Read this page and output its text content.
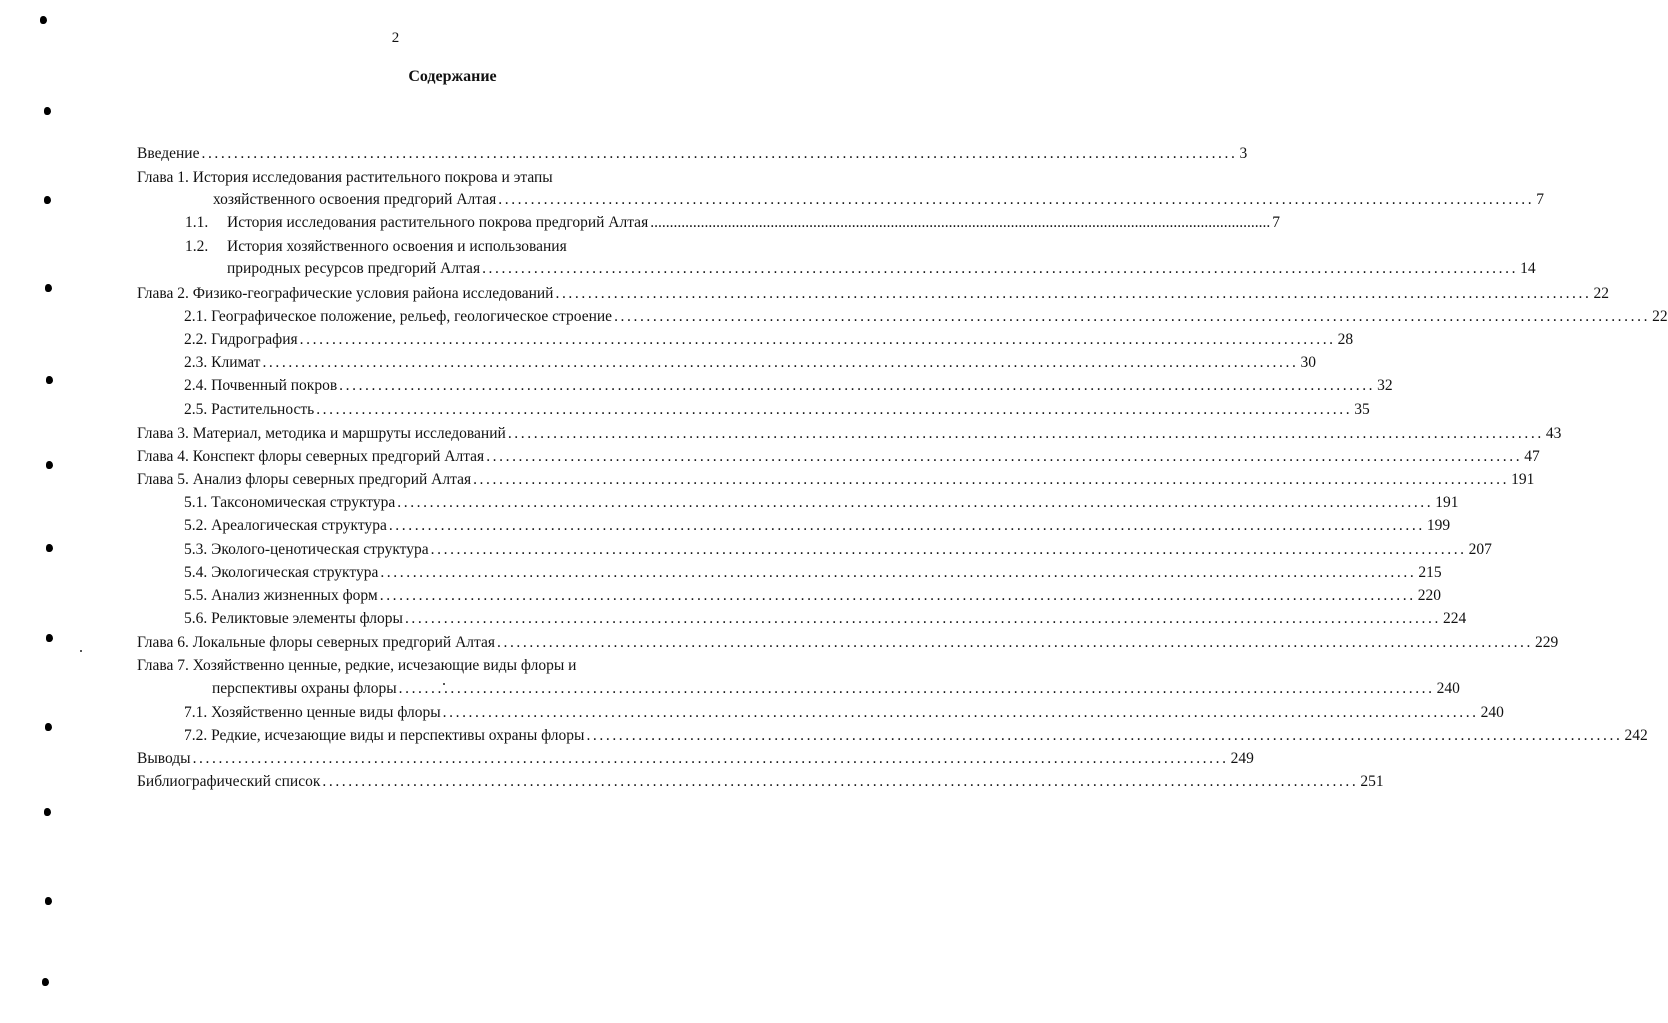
2
Содержание
Введение ................................................................................................................................................................ 3
Глава 1. История исследования растительного покрова и этапы
хозяйственного освоения предгорий Алтая ................................................................................................................................................................ 7
1.1.	История исследования растительного покрова предгорий Алтая ................................................................................................................................................................ 7
1.2. История хозяйственного освоения и использования
природных ресурсов предгорий Алтая ................................................................................................................................................................ 14
Глава 2. Физико-географические условия района исследований ................................................................................................................................................................ 22
2.1. Географическое положение, рельеф, геологическое строение ................................................................................................................................................................ 22
2.2. Гидрография ................................................................................................................................................................ 28
2.3. Климат ................................................................................................................................................................ 30
2.4. Почвенный покров ................................................................................................................................................................ 32
2.5. Растительность ................................................................................................................................................................ 35
Глава 3. Материал, методика и маршруты исследований ................................................................................................................................................................ 43
Глава 4. Конспект флоры северных предгорий Алтая ................................................................................................................................................................ 47
Глава 5. Анализ флоры северных предгорий Алтая ................................................................................................................................................................ 191
5.1. Таксономическая структура ................................................................................................................................................................ 191
5.2. Ареалогическая структура ................................................................................................................................................................ 199
5.3. Эколого-ценотическая структура ................................................................................................................................................................ 207
5.4. Экологическая структура ................................................................................................................................................................ 215
5.5. Анализ жизненных форм ................................................................................................................................................................ 220
5.6. Реликтовые элементы флоры ................................................................................................................................................................ 224
Глава 6. Локальные флоры северных предгорий Алтая ................................................................................................................................................................ 229
Глава 7. Хозяйственно ценные, редкие, исчезающие виды флоры и
перспективы охраны флоры ................................................................................................................................................................ 240
7.1. Хозяйственно ценные виды флоры ................................................................................................................................................................ 240
7.2. Редкие, исчезающие виды и перспективы охраны флоры ................................................................................................................................................................ 242
Выводы ................................................................................................................................................................ 249
Библиографический список ................................................................................................................................................................ 251
